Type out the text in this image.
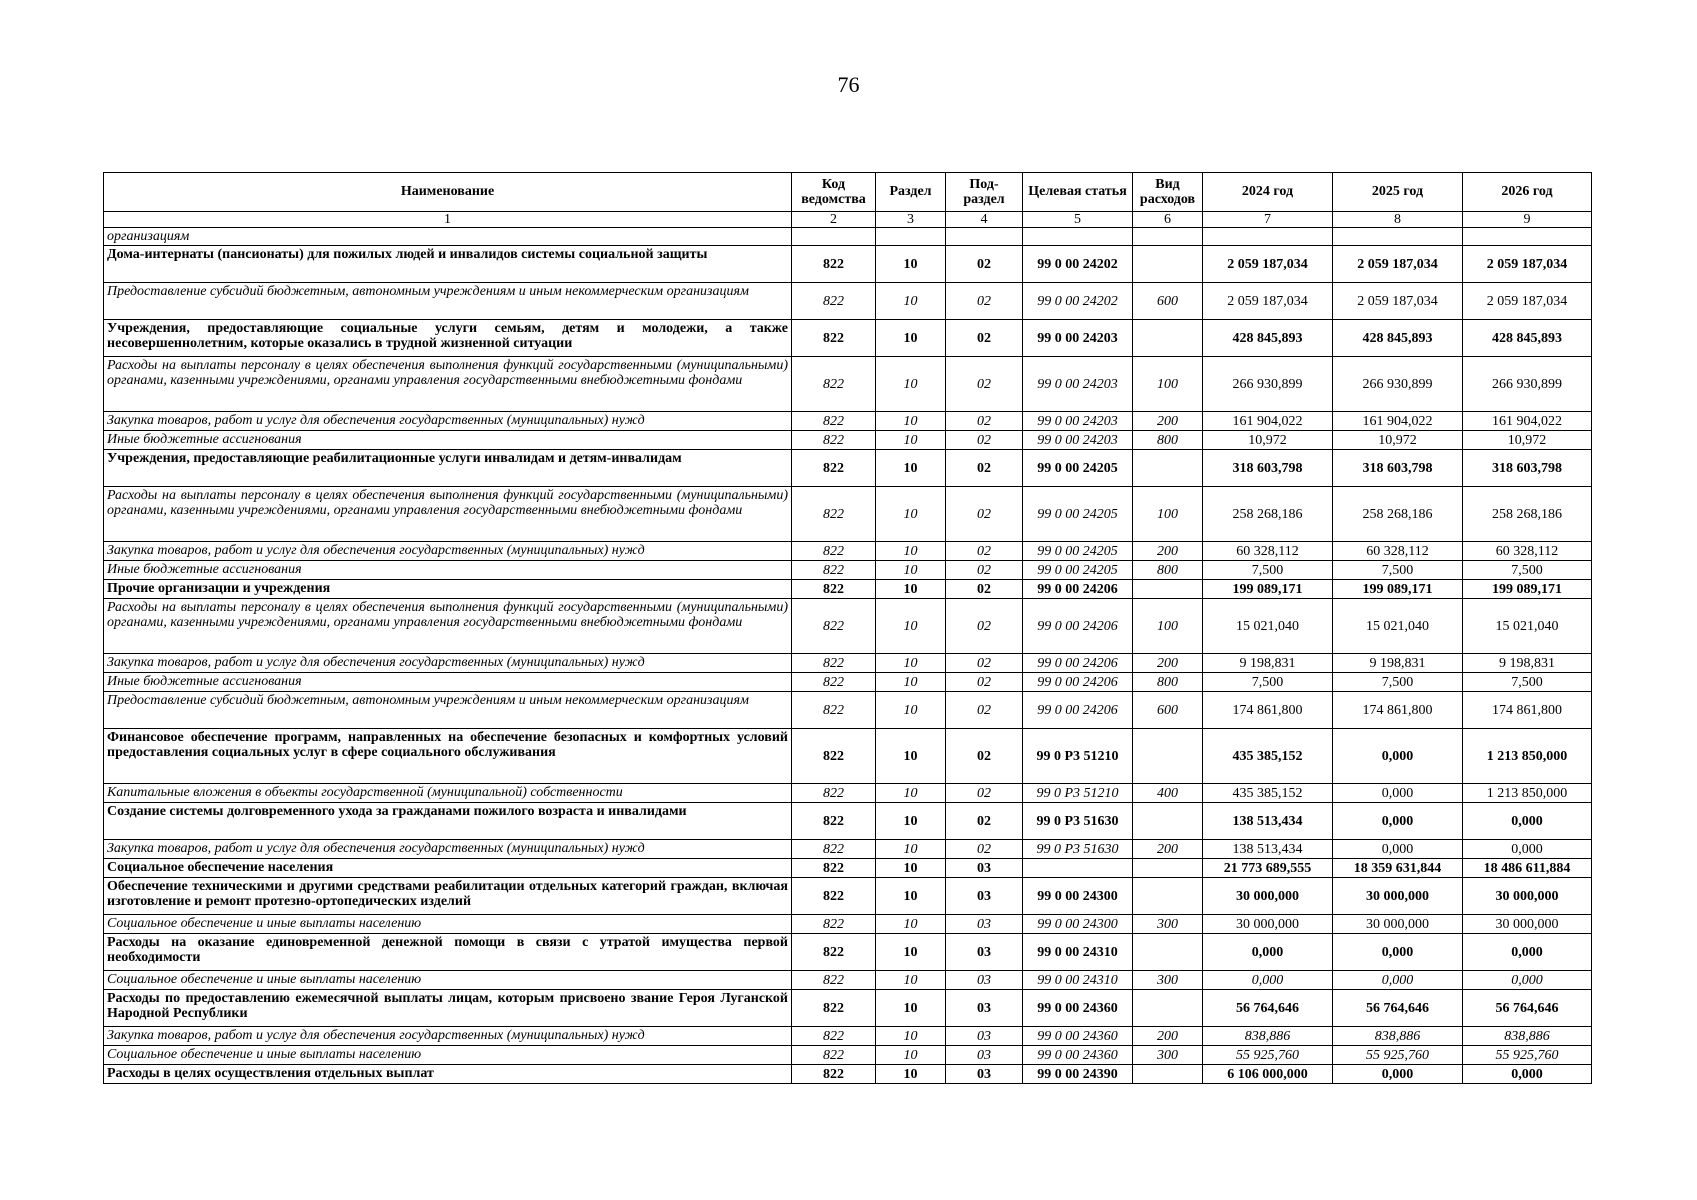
76
Наименование	Код ведомства	Раздел	Под-раздел	Целевая статья	Вид расходов	2024 год	2025 год	2026 год
1	2	3	4	5	6	7	8	9
организациям								
Дома-интернаты (пансионаты) для пожилых людей и инвалидов системы социальной защиты	822	10	02	99 0 00 24202		2 059 187,034	2 059 187,034	2 059 187,034
Предоставление субсидий бюджетным, автономным учреждениям и иным некоммерческим организациям	822	10	02	99 0 00 24202	600	2 059 187,034	2 059 187,034	2 059 187,034
Учреждения, предоставляющие социальные услуги семьям, детям и молодежи, а также несовершеннолетним, которые оказались в трудной жизненной ситуации	822	10	02	99 0 00 24203		428 845,893	428 845,893	428 845,893
Расходы на выплаты персоналу в целях обеспечения выполнения функций государственными (муниципальными) органами, казенными учреждениями, органами управления государственными внебюджетными фондами	822	10	02	99 0 00 24203	100	266 930,899	266 930,899	266 930,899
Закупка товаров, работ и услуг для обеспечения государственных (муниципальных) нужд	822	10	02	99 0 00 24203	200	161 904,022	161 904,022	161 904,022
Иные бюджетные ассигнования	822	10	02	99 0 00 24203	800	10,972	10,972	10,972
Учреждения, предоставляющие реабилитационные услуги инвалидам и детям-инвалидам	822	10	02	99 0 00 24205		318 603,798	318 603,798	318 603,798
Расходы на выплаты персоналу в целях обеспечения выполнения функций государственными (муниципальными) органами, казенными учреждениями, органами управления государственными внебюджетными фондами	822	10	02	99 0 00 24205	100	258 268,186	258 268,186	258 268,186
Закупка товаров, работ и услуг для обеспечения государственных (муниципальных) нужд	822	10	02	99 0 00 24205	200	60 328,112	60 328,112	60 328,112
Иные бюджетные ассигнования	822	10	02	99 0 00 24205	800	7,500	7,500	7,500
Прочие организации и учреждения	822	10	02	99 0 00 24206		199 089,171	199 089,171	199 089,171
Расходы на выплаты персоналу в целях обеспечения выполнения функций государственными (муниципальными) органами, казенными учреждениями, органами управления государственными внебюджетными фондами	822	10	02	99 0 00 24206	100	15 021,040	15 021,040	15 021,040
Закупка товаров, работ и услуг для обеспечения государственных (муниципальных) нужд	822	10	02	99 0 00 24206	200	9 198,831	9 198,831	9 198,831
Иные бюджетные ассигнования	822	10	02	99 0 00 24206	800	7,500	7,500	7,500
Предоставление субсидий бюджетным, автономным учреждениям и иным некоммерческим организациям	822	10	02	99 0 00 24206	600	174 861,800	174 861,800	174 861,800
Финансовое обеспечение программ, направленных на обеспечение безопасных и комфортных условий предоставления социальных услуг в сфере социального обслуживания	822	10	02	99 0 P3 51210		435 385,152	0,000	1 213 850,000
Капитальные вложения в объекты государственной (муниципальной) собственности	822	10	02	99 0 P3 51210	400	435 385,152	0,000	1 213 850,000
Создание системы долговременного ухода за гражданами пожилого возраста и инвалидами	822	10	02	99 0 P3 51630		138 513,434	0,000	0,000
Закупка товаров, работ и услуг для обеспечения государственных (муниципальных) нужд	822	10	02	99 0 P3 51630	200	138 513,434	0,000	0,000
Социальное обеспечение населения	822	10	03			21 773 689,555	18 359 631,844	18 486 611,884
Обеспечение техническими и другими средствами реабилитации отдельных категорий граждан, включая изготовление и ремонт протезно-ортопедических изделий	822	10	03	99 0 00 24300		30 000,000	30 000,000	30 000,000
Социальное обеспечение и иные выплаты населению	822	10	03	99 0 00 24300	300	30 000,000	30 000,000	30 000,000
Расходы на оказание единовременной денежной помощи в связи с утратой имущества первой необходимости	822	10	03	99 0 00 24310		0,000	0,000	0,000
Социальное обеспечение и иные выплаты населению	822	10	03	99 0 00 24310	300	0,000	0,000	0,000
Расходы по предоставлению ежемесячной выплаты лицам, которым присвоено звание Героя Луганской Народной Республики	822	10	03	99 0 00 24360		56 764,646	56 764,646	56 764,646
Закупка товаров, работ и услуг для обеспечения государственных (муниципальных) нужд	822	10	03	99 0 00 24360	200	838,886	838,886	838,886
Социальное обеспечение и иные выплаты населению	822	10	03	99 0 00 24360	300	55 925,760	55 925,760	55 925,760
Расходы в целях осуществления отдельных выплат	822	10	03	99 0 00 24390		6 106 000,000	0,000	0,000
